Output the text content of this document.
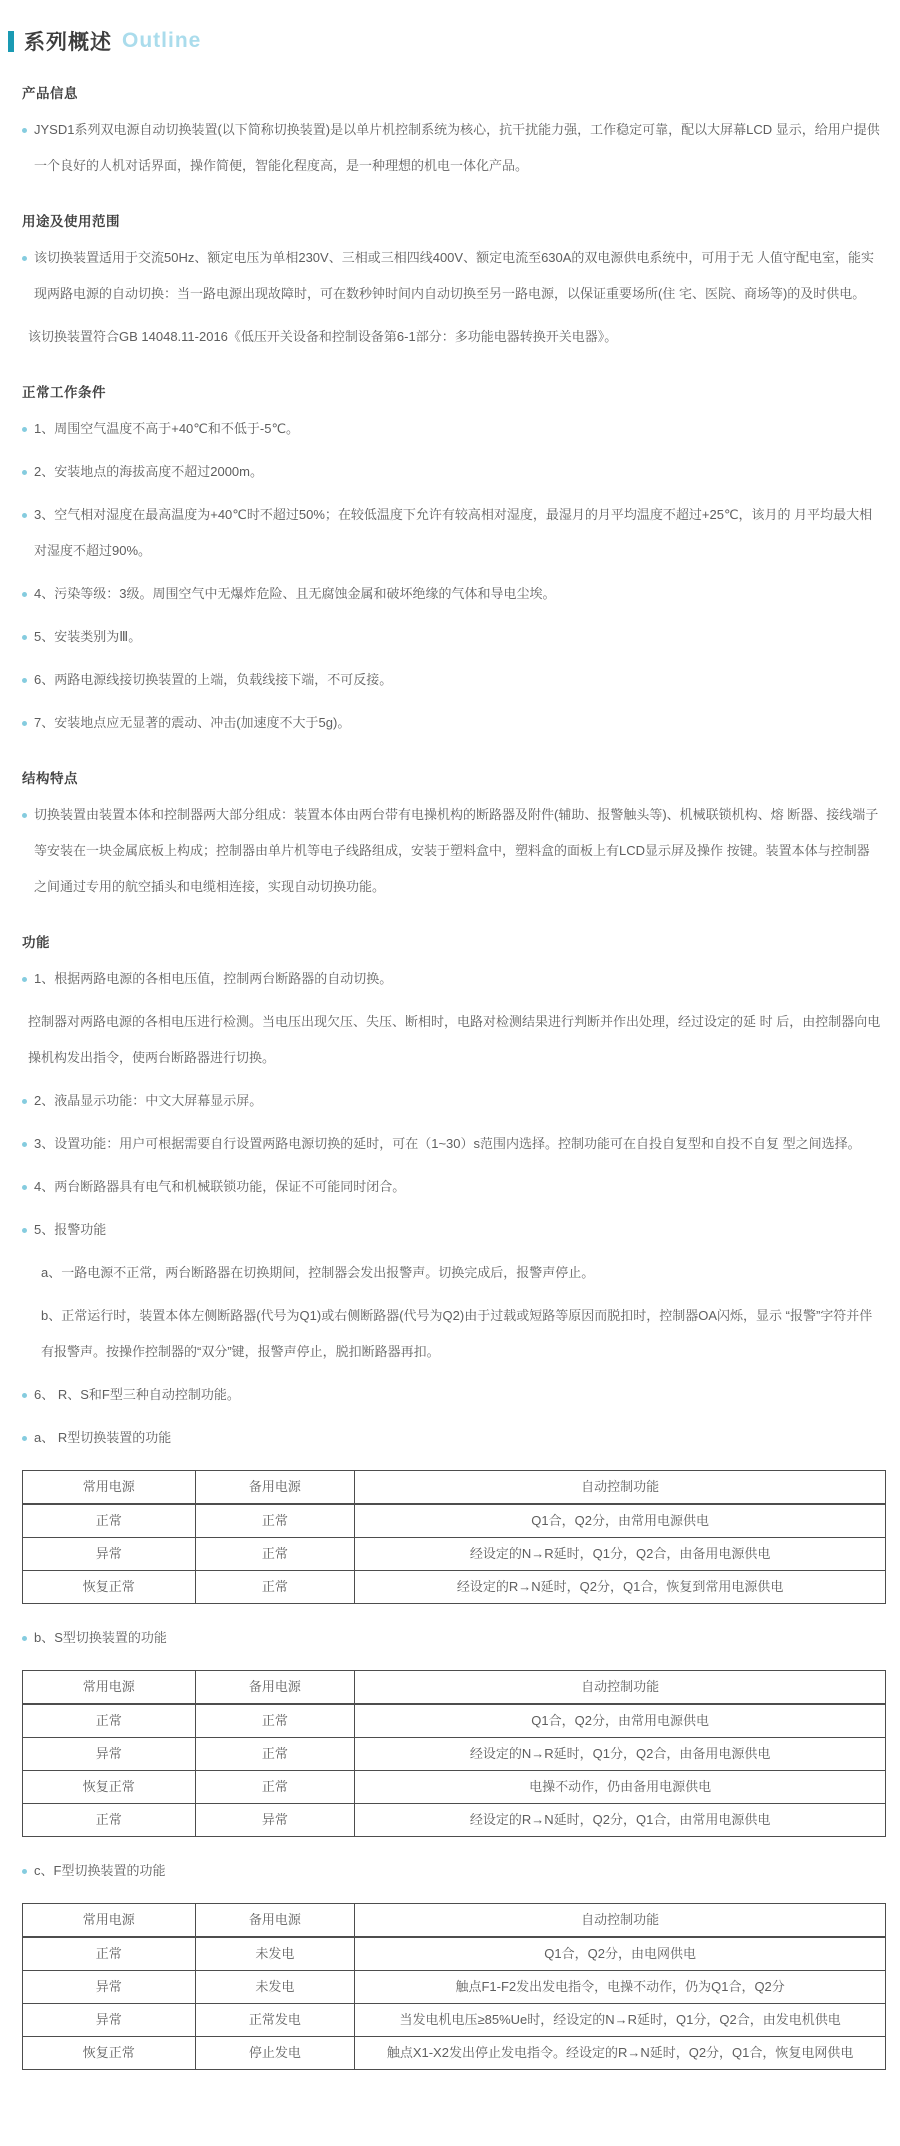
系列概述 Outline
产品信息

JYSD1系列双电源自动切换装置(以下简称切换装置)是以单片机控制系统为核心，抗干扰能力强，工作稳定可靠，配以大屏幕LCD 显示，给用户提供一个良好的人机对话界面，操作简便，智能化程度高，是一种理想的机电一体化产品。

用途及使用范围

该切换装置适用于交流50Hz、额定电压为单相230V、三相或三相四线400V、额定电流至630A的双电源供电系统中，可用于无 人值守配电室，能实现两路电源的自动切换：当一路电源出现故障时，可在数秒钟时间内自动切换至另一路电源，以保证重要场所(住 宅、医院、商场等)的及时供电。

该切换装置符合GB 14048.11-2016《低压开关设备和控制设备第6-1部分：多功能电器转换开关电器》。

正常工作条件

1、周围空气温度不高于+40℃和不低于-5℃。

2、安装地点的海拔高度不超过2000m。

3、空气相对湿度在最高温度为+40℃时不超过50%；在较低温度下允许有较高相对湿度，最湿月的月平均温度不超过+25℃，该月的 月平均最大相对湿度不超过90%。

4、污染等级：3级。周围空气中无爆炸危险、且无腐蚀金属和破坏绝缘的气体和导电尘埃。

5、安装类别为Ⅲ。

6、两路电源线接切换装置的上端，负载线接下端，不可反接。

7、安装地点应无显著的震动、冲击(加速度不大于5g)。

结构特点

切换装置由装置本体和控制器两大部分组成：装置本体由两台带有电操机构的断路器及附件(辅助、报警触头等)、机械联锁机构、熔 断器、接线端子等安装在一块金属底板上构成；控制器由单片机等电子线路组成，安装于塑料盒中，塑料盒的面板上有LCD显示屏及操作 按键。装置本体与控制器之间通过专用的航空插头和电缆相连接，实现自动切换功能。

功能

1、根据两路电源的各相电压值，控制两台断路器的自动切换。

控制器对两路电源的各相电压进行检测。当电压出现欠压、失压、断相时，电路对检测结果进行判断并作出处理，经过设定的延 时 后，由控制器向电操机构发出指令，使两台断路器进行切换。

2、液晶显示功能：中文大屏幕显示屏。

3、设置功能：用户可根据需要自行设置两路电源切换的延时，可在（1~30）s范围内选择。控制功能可在自投自复型和自投不自复 型之间选择。

4、两台断路器具有电气和机械联锁功能，保证不可能同时闭合。

5、报警功能

a、一路电源不正常，两台断路器在切换期间，控制器会发出报警声。切换完成后，报警声停止。

b、正常运行时，装置本体左侧断路器(代号为Q1)或右侧断路器(代号为Q2)由于过载或短路等原因而脱扣时，控制器OA闪烁，显示 “报警”字符并伴有报警声。按操作控制器的“双分”键，报警声停止，脱扣断路器再扣。

6、 R、S和F型三种自动控制功能。

a、 R型切换装置的功能

常用电源	备用电源	自动控制功能
正常	正常	Q1合，Q2分，由常用电源供电
异常	正常	经设定的N→R延时，Q1分，Q2合，由备用电源供电
恢复正常	正常	经设定的R→N延时，Q2分，Q1合，恢复到常用电源供电

b、S型切换装置的功能

常用电源	备用电源	自动控制功能
正常	正常	Q1合，Q2分，由常用电源供电
异常	正常	经设定的N→R延时，Q1分，Q2合，由备用电源供电
恢复正常	正常	电操不动作，仍由备用电源供电
正常	异常	经设定的R→N延时，Q2分，Q1合，由常用电源供电

c、F型切换装置的功能

常用电源	备用电源	自动控制功能
正常	未发电	Q1合，Q2分，由电网供电
异常	未发电	触点F1-F2发出发电指令，电操不动作，仍为Q1合，Q2分
异常	正常发电	当发电机电压≥85%Ue时，经设定的N→R延时，Q1分，Q2合，由发电机供电
恢复正常	停止发电	触点X1-X2发出停止发电指令。经设定的R→N延时，Q2分，Q1合，恢复电网供电
